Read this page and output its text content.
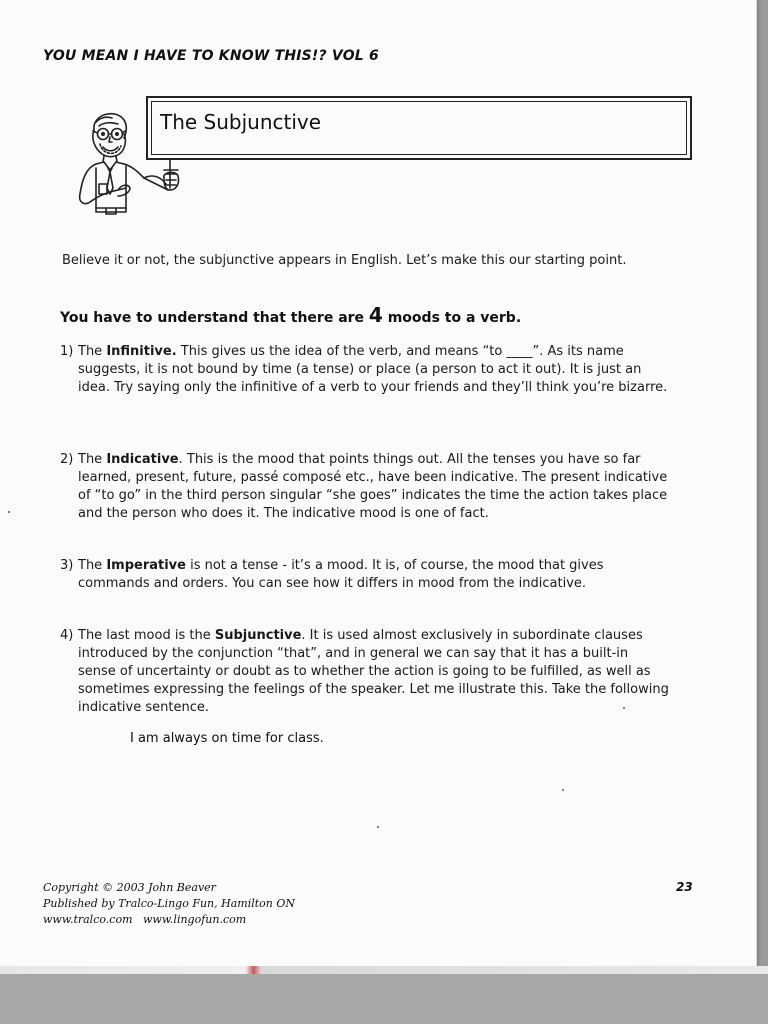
YOU MEAN I HAVE TO KNOW THIS!? VOL 6
The Subjunctive
Believe it or not, the subjunctive appears in English. Let’s make this our starting point.
You have to understand that there are 4 moods to a verb.
1) The Infinitive. This gives us the idea of the verb, and means “to ____”. As its name suggests, it is not bound by time (a tense) or place (a person to act it out). It is just an idea. Try saying only the infinitive of a verb to your friends and they’ll think you’re bizarre.
2) The Indicative. This is the mood that points things out. All the tenses you have so far learned, present, future, passé composé etc., have been indicative. The present indicative of “to go” in the third person singular “she goes” indicates the time the action takes place and the person who does it. The indicative mood is one of fact.
3) The Imperative is not a tense - it’s a mood. It is, of course, the mood that gives commands and orders. You can see how it differs in mood from the indicative.
4) The last mood is the Subjunctive. It is used almost exclusively in subordinate clauses introduced by the conjunction “that”, and in general we can say that it has a built-in sense of uncertainty or doubt as to whether the action is going to be fulfilled, as well as sometimes expressing the feelings of the speaker. Let me illustrate this. Take the following indicative sentence.
I am always on time for class.
Copyright © 2003 John Beaver
Published by Tralco-Lingo Fun, Hamilton ON
www.tralco.com   www.lingofun.com
23
